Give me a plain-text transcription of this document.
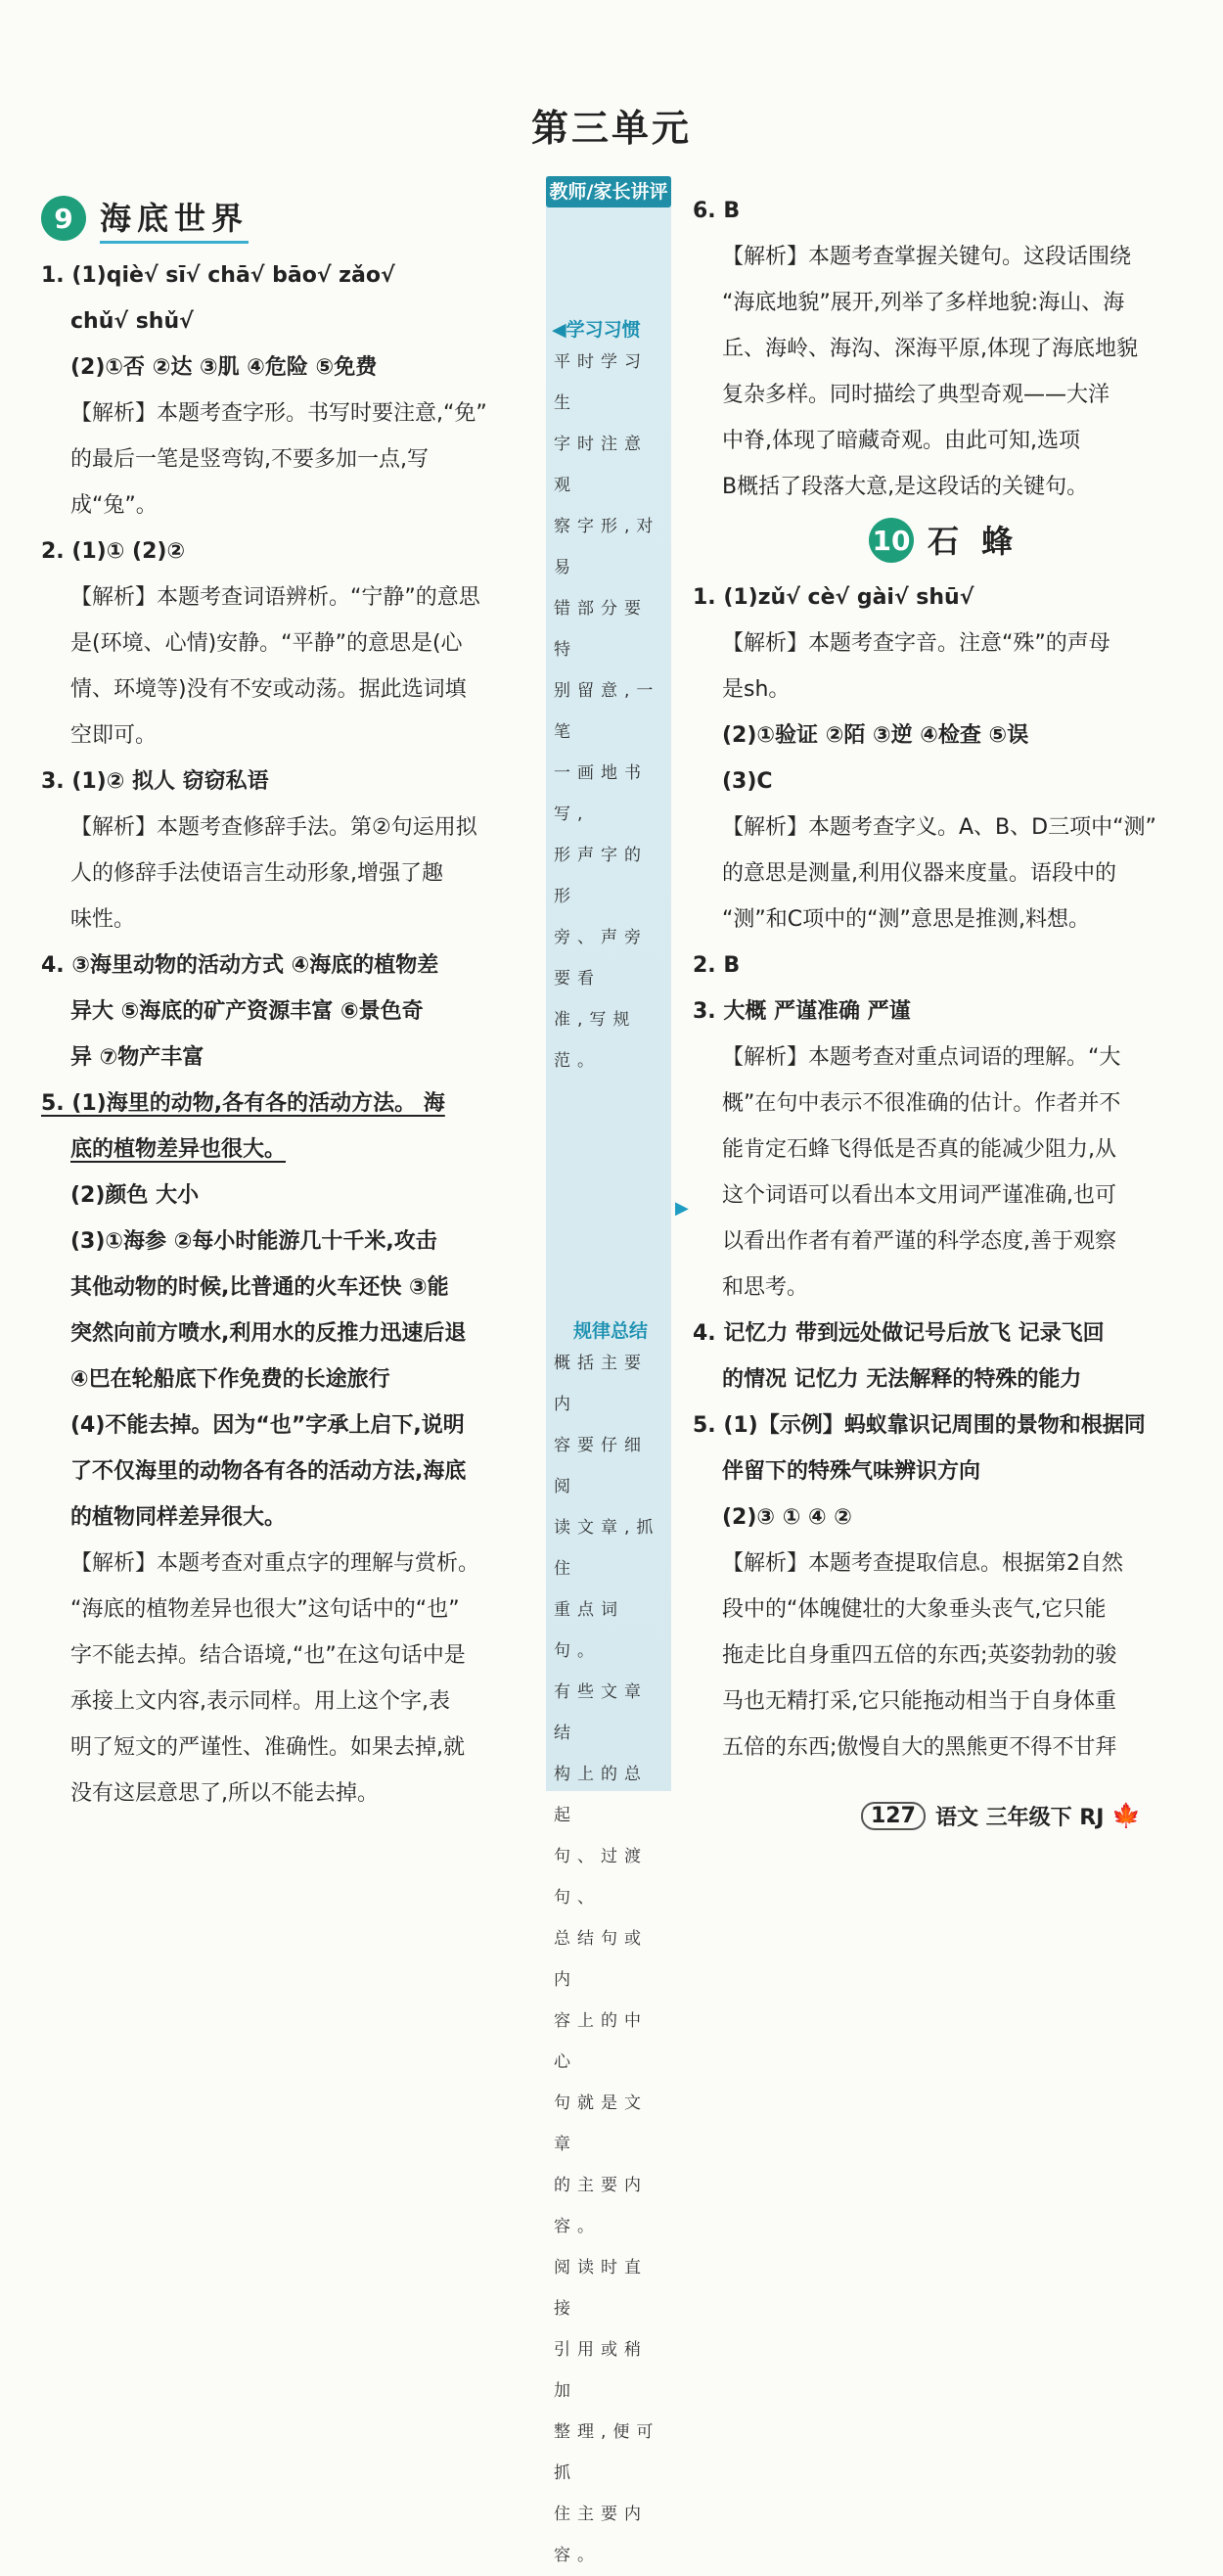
第三单元
9 海底世界
1. (1)qiè√ sī√ chā√ bāo√ zǎo√
chǔ√ shǔ√
(2)①否 ②达 ③肌 ④危险 ⑤免费
【解析】本题考查字形。书写时要注意,“免”
的最后一笔是竖弯钩,不要多加一点,写
成“兔”。
2. (1)① (2)②
【解析】本题考查词语辨析。“宁静”的意思
是(环境、心情)安静。“平静”的意思是(心
情、环境等)没有不安或动荡。据此选词填
空即可。
3. (1)② 拟人 窃窃私语
【解析】本题考查修辞手法。第②句运用拟
人的修辞手法使语言生动形象,增强了趣
味性。
4. ③海里动物的活动方式 ④海底的植物差
异大 ⑤海底的矿产资源丰富 ⑥景色奇
异 ⑦物产丰富
5. (1)海里的动物,各有各的活动方法。 海
底的植物差异也很大。
(2)颜色 大小
(3)①海参 ②每小时能游几十千米,攻击
其他动物的时候,比普通的火车还快 ③能
突然向前方喷水,利用水的反推力迅速后退
④巴在轮船底下作免费的长途旅行
(4)不能去掉。因为“也”字承上启下,说明
了不仅海里的动物各有各的活动方法,海底
的植物同样差异很大。
【解析】本题考查对重点字的理解与赏析。
“海底的植物差异也很大”这句话中的“也”
字不能去掉。结合语境,“也”在这句话中是
承接上文内容,表示同样。用上这个字,表
明了短文的严谨性、准确性。如果去掉,就
没有这层意思了,所以不能去掉。
教师/家长讲评
◀学习习惯
平时学习生
字时注意观
察字形,对易
错部分要特
别留意,一笔
一画地书写,
形声字的形
旁、声旁要看
准,写规范。
规律总结
概括主要内
容要仔细阅
读文章,抓住
重点词句。
有些文章结
构上的总起
句、过渡句、
总结句或内
容上的中心
句就是文章
的主要内容。
阅读时直接
引用或稍加
整理,便可抓
住主要内容。
▶
6. B
【解析】本题考查掌握关键句。这段话围绕
“海底地貌”展开,列举了多样地貌:海山、海
丘、海岭、海沟、深海平原,体现了海底地貌
复杂多样。同时描绘了典型奇观——大洋
中脊,体现了暗藏奇观。由此可知,选项
B概括了段落大意,是这段话的关键句。
10 石 蜂
1. (1)zǔ√ cè√ gài√ shū√
【解析】本题考查字音。注意“殊”的声母
是sh。
(2)①验证 ②陌 ③逆 ④检查 ⑤误
(3)C
【解析】本题考查字义。A、B、D三项中“测”
的意思是测量,利用仪器来度量。语段中的
“测”和C项中的“测”意思是推测,料想。
2. B
3. 大概 严谨准确 严谨
【解析】本题考查对重点词语的理解。“大
概”在句中表示不很准确的估计。作者并不
能肯定石蜂飞得低是否真的能减少阻力,从
这个词语可以看出本文用词严谨准确,也可
以看出作者有着严谨的科学态度,善于观察
和思考。
4. 记忆力 带到远处做记号后放飞 记录飞回
的情况 记忆力 无法解释的特殊的能力
5. (1)【示例】蚂蚁靠识记周围的景物和根据同
伴留下的特殊气味辨识方向
(2)③ ① ④ ②
【解析】本题考查提取信息。根据第2自然
段中的“体魄健壮的大象垂头丧气,它只能
拖走比自身重四五倍的东西;英姿勃勃的骏
马也无精打采,它只能拖动相当于自身体重
五倍的东西;傲慢自大的黑熊更不得不甘拜
127 语文 三年级下 RJ 🍁
